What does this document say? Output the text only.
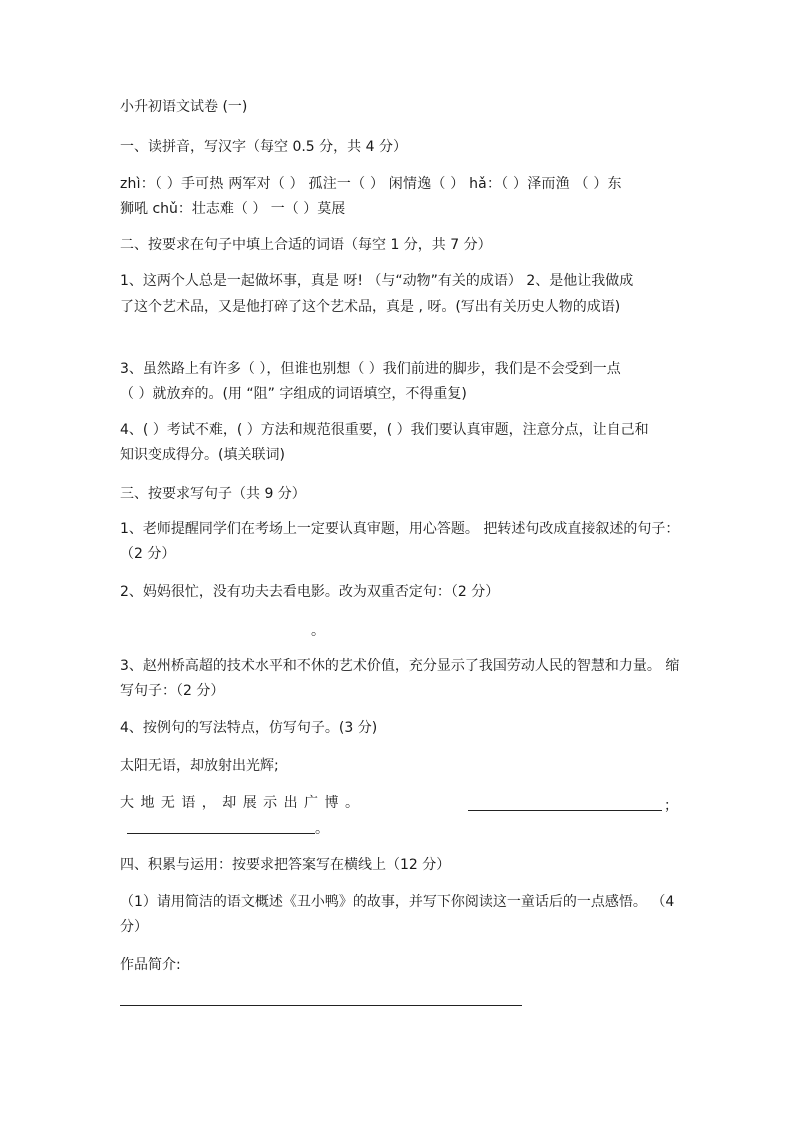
小升初语文试卷 (一)
一、读拼音，写汉字（每空 0.5 分，共 4 分）
zhì：（ ）手可热 两军对（ ） 孤注一（ ） 闲情逸（ ） hǎ：（ ）泽而渔 （ ）东
狮吼 chǔ：壮志难（ ） 一（ ）莫展
二、按要求在句子中填上合适的词语（每空 1 分，共 7 分）
1、这两个人总是一起做坏事，真是 呀! （与“动物”有关的成语） 2、是他让我做成
了这个艺术品，又是他打碎了这个艺术品，真是 , 呀。(写出有关历史人物的成语)
3、虽然路上有许多（ ），但谁也别想（ ）我们前进的脚步，我们是不会受到一点
（ ）就放弃的。(用 “阻” 字组成的词语填空，不得重复)
4、( ）考试不难，( ）方法和规范很重要，( ）我们要认真审题，注意分点，让自己和
知识变成得分。(填关联词)
三、按要求写句子（共 9 分）
1、老师提醒同学们在考场上一定要认真审题，用心答题。 把转述句改成直接叙述的句子：
（2 分）
2、妈妈很忙，没有功夫去看电影。改为双重否定句：（2 分）
。
3、赵州桥高超的技术水平和不休的艺术价值，充分显示了我国劳动人民的智慧和力量。 缩
写句子：（2 分）
4、按例句的写法特点，仿写句子。(3 分)
太阳无语，却放射出光辉;
大 地 无 语 ， 却 展 示 出 广 博 。	；
。
四、积累与运用：按要求把答案写在横线上（12 分）
（1）请用简洁的语文概述《丑小鸭》的故事，并写下你阅读这一童话后的一点感悟。 （4
分）
作品简介:
